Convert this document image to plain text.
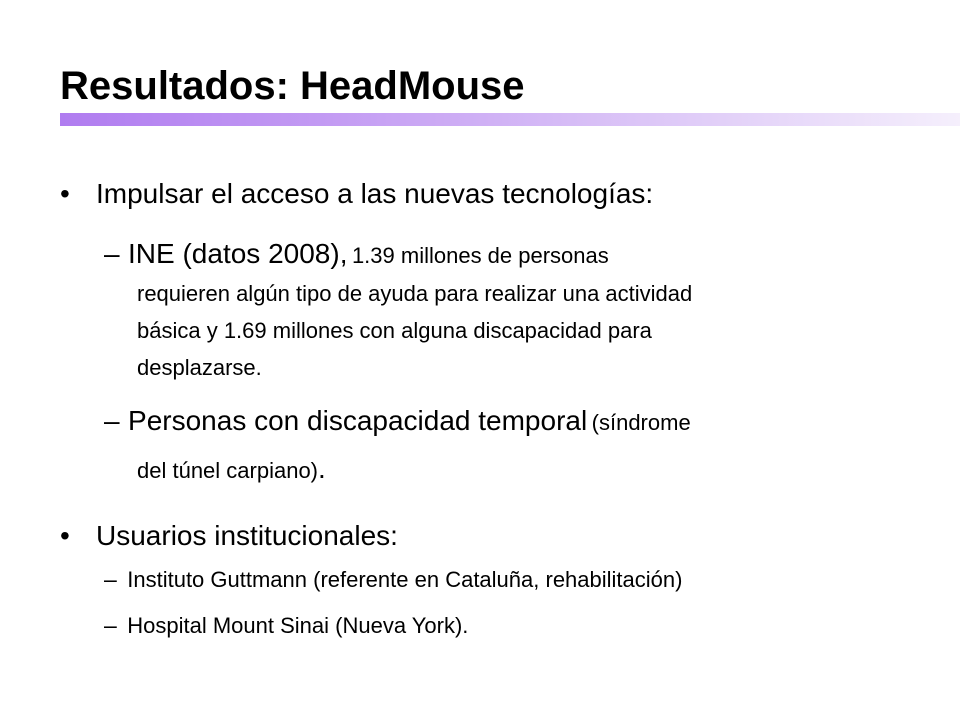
Resultados: HeadMouse
• Impulsar el acceso a las nuevas tecnologías:
– INE (datos 2008), 1.39 millones de personas
requieren algún tipo de ayuda para realizar una actividad
básica y 1.69 millones con alguna discapacidad para
desplazarse.
– Personas con discapacidad temporal (síndrome
del túnel carpiano).
• Usuarios institucionales:
– Instituto Guttmann (referente en Cataluña, rehabilitación)
– Hospital Mount Sinai (Nueva York).
